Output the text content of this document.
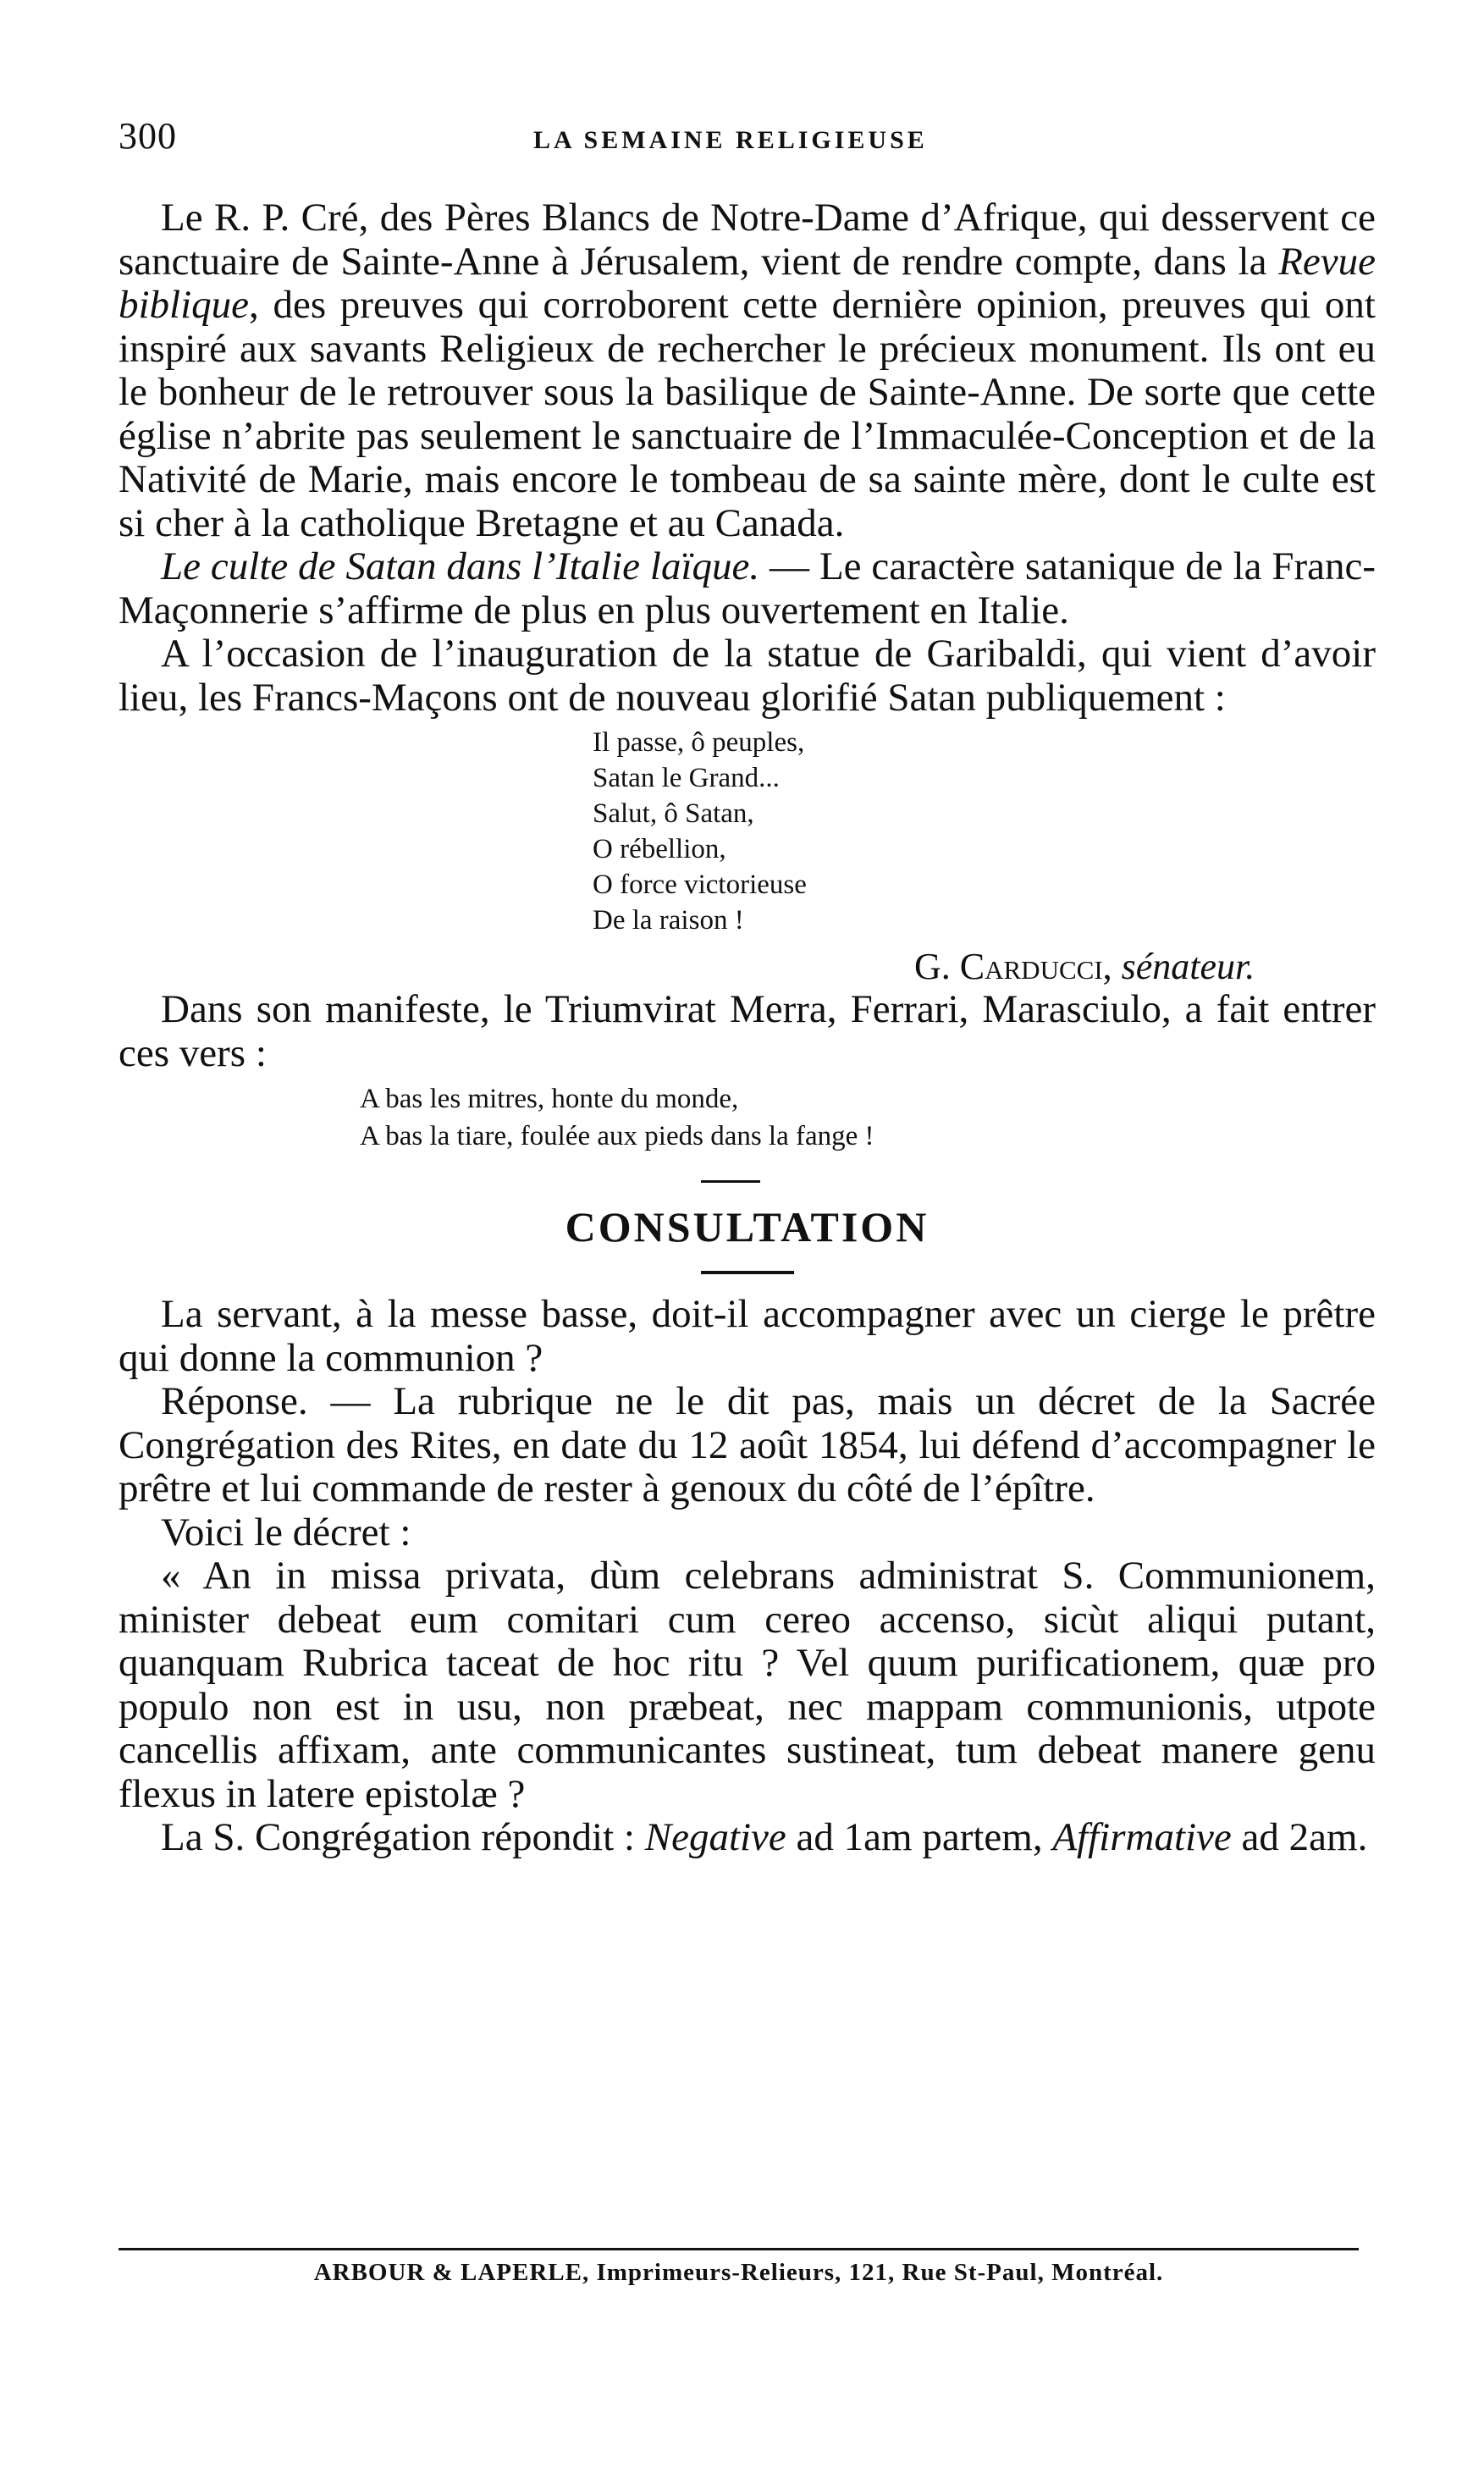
300	LA SEMAINE RELIGIEUSE

Le R. P. Cré, des Pères Blancs de Notre-Dame d’Afrique, qui desservent ce sanctuaire de Sainte-Anne à Jérusalem, vient de rendre compte, dans la Revue biblique, des preuves qui corroborent cette dernière opinion, preuves qui ont inspiré aux savants Religieux de rechercher le précieux monument. Ils ont eu le bonheur de le retrouver sous la basilique de Sainte-Anne. De sorte que cette église n’abrite pas seulement le sanctuaire de l’Immaculée-Conception et de la Nativité de Marie, mais encore le tombeau de sa sainte mère, dont le culte est si cher à la catholique Bretagne et au Canada.

Le culte de Satan dans l’Italie laïque. — Le caractère satanique de la Franc-Maçonnerie s’affirme de plus en plus ouvertement en Italie.

A l’occasion de l’inauguration de la statue de Garibaldi, qui vient d’avoir lieu, les Francs-Maçons ont de nouveau glorifié Satan publiquement :

Il passe, ô peuples,
Satan le Grand...
Salut, ô Satan,
O rébellion,
O force victorieuse
De la raison !
G. Carducci, sénateur.

Dans son manifeste, le Triumvirat Merra, Ferrari, Marasciulo, a fait entrer ces vers :

A bas les mitres, honte du monde,
A bas la tiare, foulée aux pieds dans la fange !
CONSULTATION

La servant, à la messe basse, doit-il accompagner avec un cierge le prêtre qui donne la communion ?

Réponse. — La rubrique ne le dit pas, mais un décret de la Sacrée Congrégation des Rites, en date du 12 août 1854, lui défend d’accompagner le prêtre et lui commande de rester à genoux du côté de l’épître.

Voici le décret :

« An in missa privata, dùm celebrans administrat S. Communionem, minister debeat eum comitari cum cereo accenso, sicùt aliqui putant, quanquam Rubrica taceat de hoc ritu ? Vel quum purificationem, quæ pro populo non est in usu, non præbeat, nec mappam communionis, utpote cancellis affixam, ante communicantes sustineat, tum debeat manere genu flexus in latere epistolæ ?

La S. Congrégation répondit : Negative ad 1am partem, Affirmative ad 2am.

ARBOUR & LAPERLE, Imprimeurs-Relieurs, 121, Rue St-Paul, Montréal.
